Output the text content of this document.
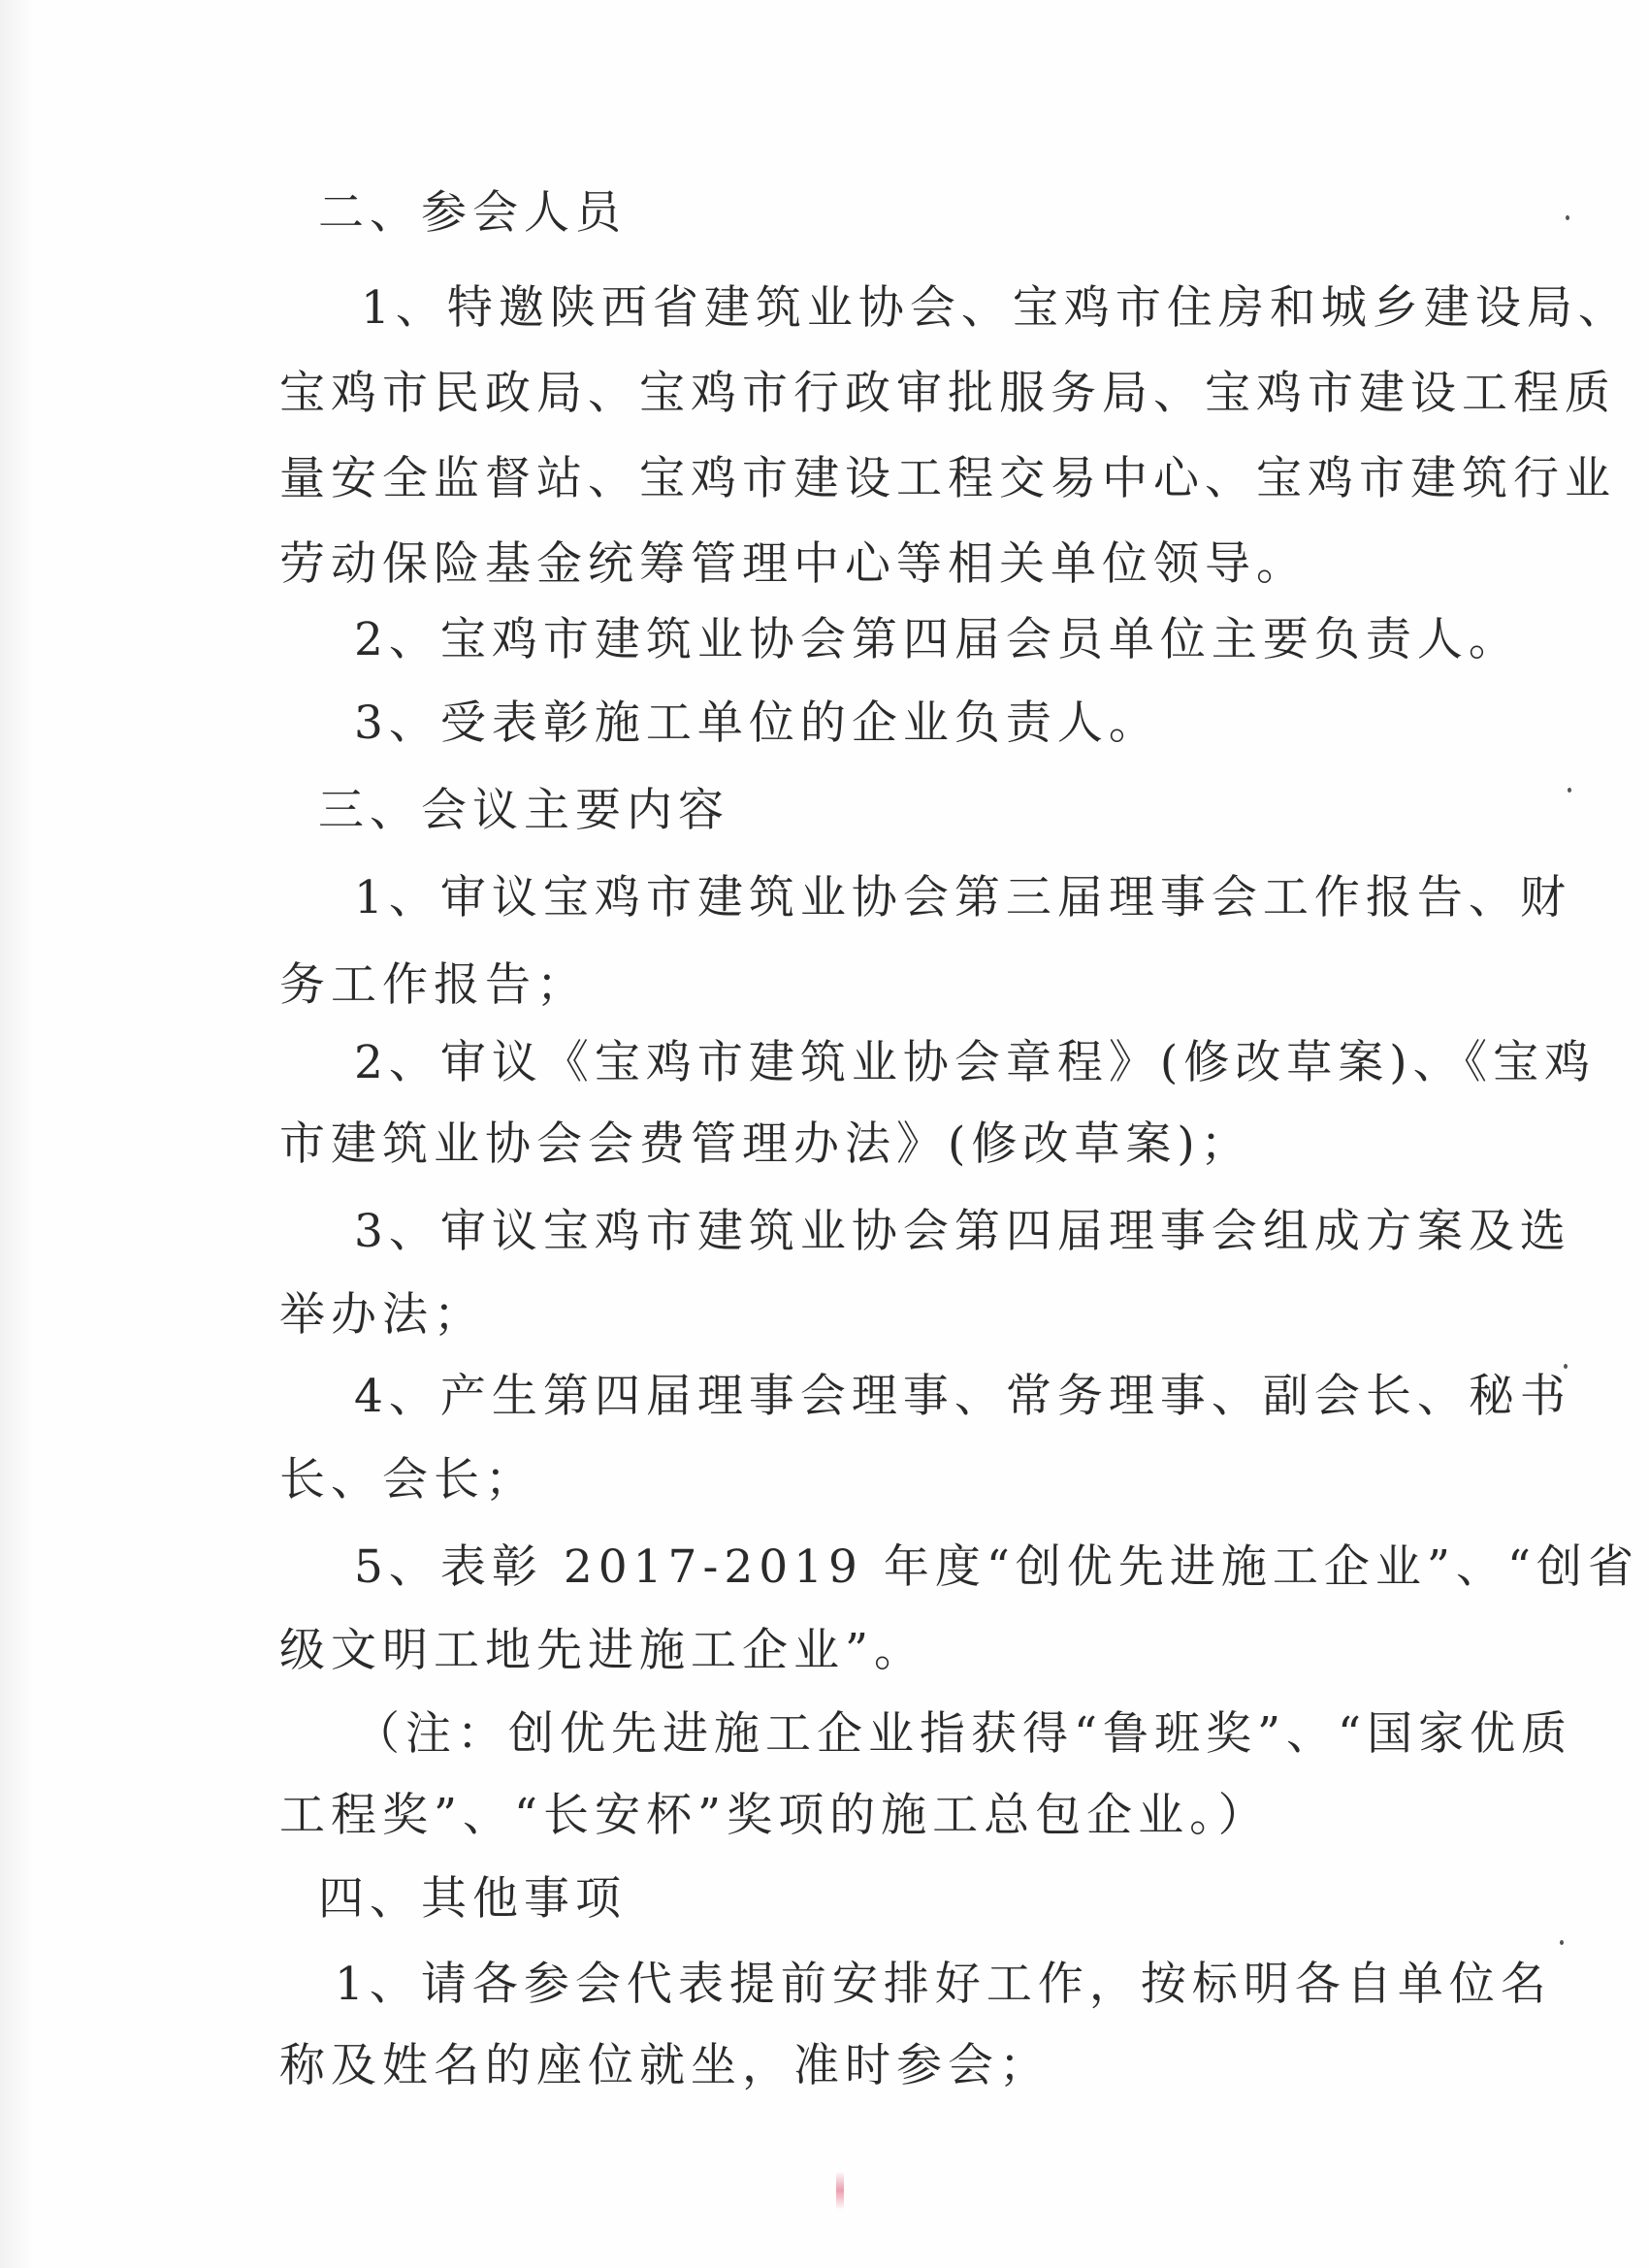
二、参会人员
1、特邀陕西省建筑业协会、宝鸡市住房和城乡建设局、
宝鸡市民政局、宝鸡市行政审批服务局、宝鸡市建设工程质
量安全监督站、宝鸡市建设工程交易中心、宝鸡市建筑行业
劳动保险基金统筹管理中心等相关单位领导。
2、宝鸡市建筑业协会第四届会员单位主要负责人。
3、受表彰施工单位的企业负责人。
三、会议主要内容
1、审议宝鸡市建筑业协会第三届理事会工作报告、财
务工作报告；
2、审议《宝鸡市建筑业协会章程》(修改草案)、《宝鸡
市建筑业协会会费管理办法》(修改草案)；
3、审议宝鸡市建筑业协会第四届理事会组成方案及选
举办法；
4、产生第四届理事会理事、常务理事、副会长、秘书
长、会长；
5、表彰 2017-2019 年度“创优先进施工企业”、“创省
级文明工地先进施工企业”。
（注：创优先进施工企业指获得“鲁班奖”、“国家优质
工程奖”、“长安杯”奖项的施工总包企业。）
四、其他事项
1、请各参会代表提前安排好工作，按标明各自单位名
称及姓名的座位就坐，准时参会；
